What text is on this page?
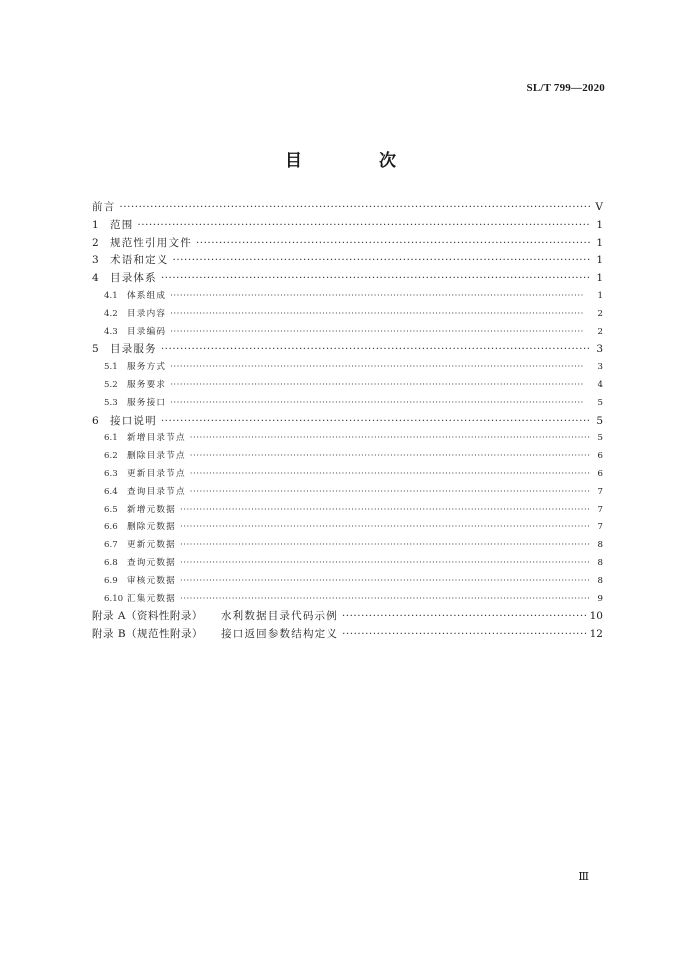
SL/T 799—2020
目　次
前言 ·····	Ⅴ
1	范围 ·····	1
2	规范性引用文件 ·····	1
3	术语和定义 ·····	1
4	目录体系 ·····	1
4.1	体系组成 ·····	1
4.2	目录内容 ·····	2
4.3	目录编码 ·····	2
5	目录服务 ·····	3
5.1	服务方式 ·····	3
5.2	服务要求 ·····	4
5.3	服务接口 ·····	5
6	接口说明 ·····	5
6.1	新增目录节点 ·····	5
6.2	删除目录节点 ·····	6
6.3	更新目录节点 ·····	6
6.4	查询目录节点 ·····	7
6.5	新增元数据 ·····	7
6.6	删除元数据 ·····	7
6.7	更新元数据 ·····	8
6.8	查询元数据 ·····	8
6.9	审核元数据 ·····	8
6.10 汇集元数据 ·····	9
附录 A（资料性附录） 水利数据目录代码示例 ·····	10
附录 B（规范性附录） 接口返回参数结构定义 ·····	12
Ⅲ
